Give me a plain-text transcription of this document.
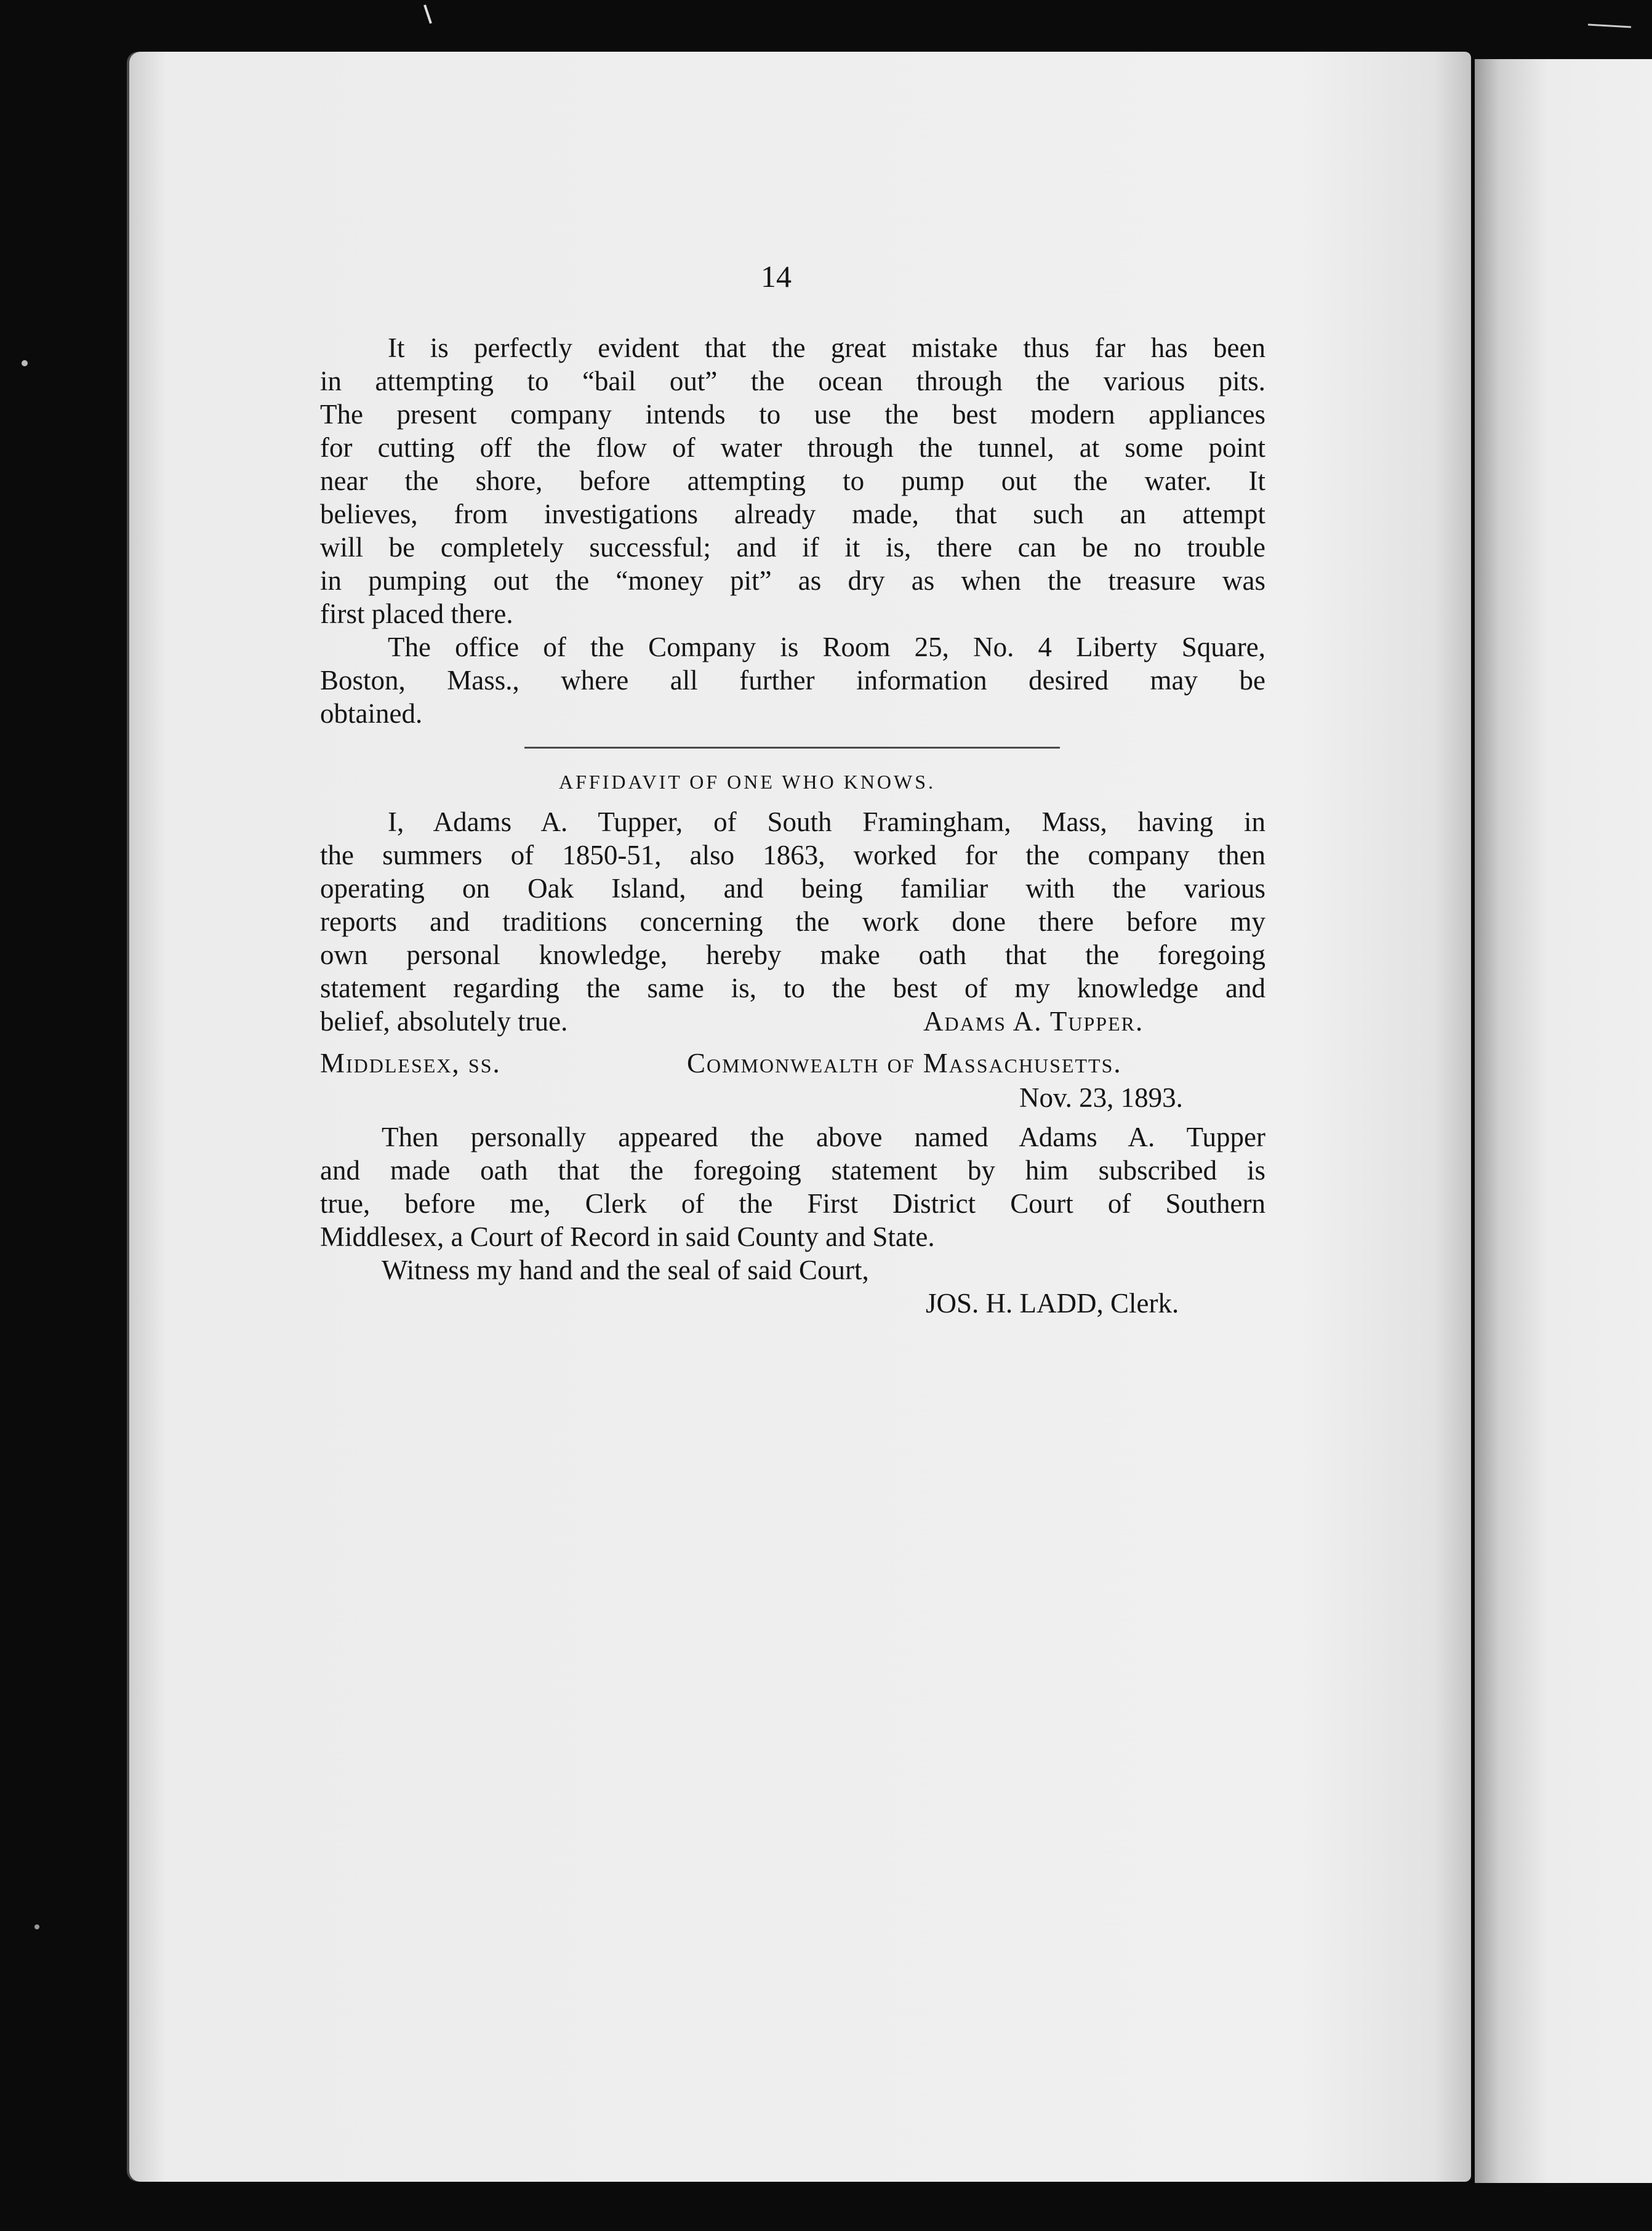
14
It is perfectly evident that the great mistake thus far has been
in attempting to “bail out” the ocean through the various pits.
The present company intends to use the best modern appliances
for cutting off the flow of water through the tunnel, at some point
near the shore, before attempting to pump out the water. It
believes, from investigations already made, that such an attempt
will be completely successful; and if it is, there can be no trouble
in pumping out the “money pit” as dry as when the treasure was
first placed there.
The office of the Company is Room 25, No. 4 Liberty Square,
Boston, Mass., where all further information desired may be
obtained.
AFFIDAVIT OF ONE WHO KNOWS.
I, Adams A. Tupper, of South Framingham, Mass, having in
the summers of 1850-51, also 1863, worked for the company then
operating on Oak Island, and being familiar with the various
reports and traditions concerning the work done there before my
own personal knowledge, hereby make oath that the foregoing
statement regarding the same is, to the best of my knowledge and
belief, absolutely true.	Adams A. Tupper.
Middlesex, ss.	Commonwealth of Massachusetts.
Nov. 23, 1893.
Then personally appeared the above named Adams A. Tupper
and made oath that the foregoing statement by him subscribed is
true, before me, Clerk of the First District Court of Southern
Middlesex, a Court of Record in said County and State.
Witness my hand and the seal of said Court,
JOS. H. LADD, Clerk.
